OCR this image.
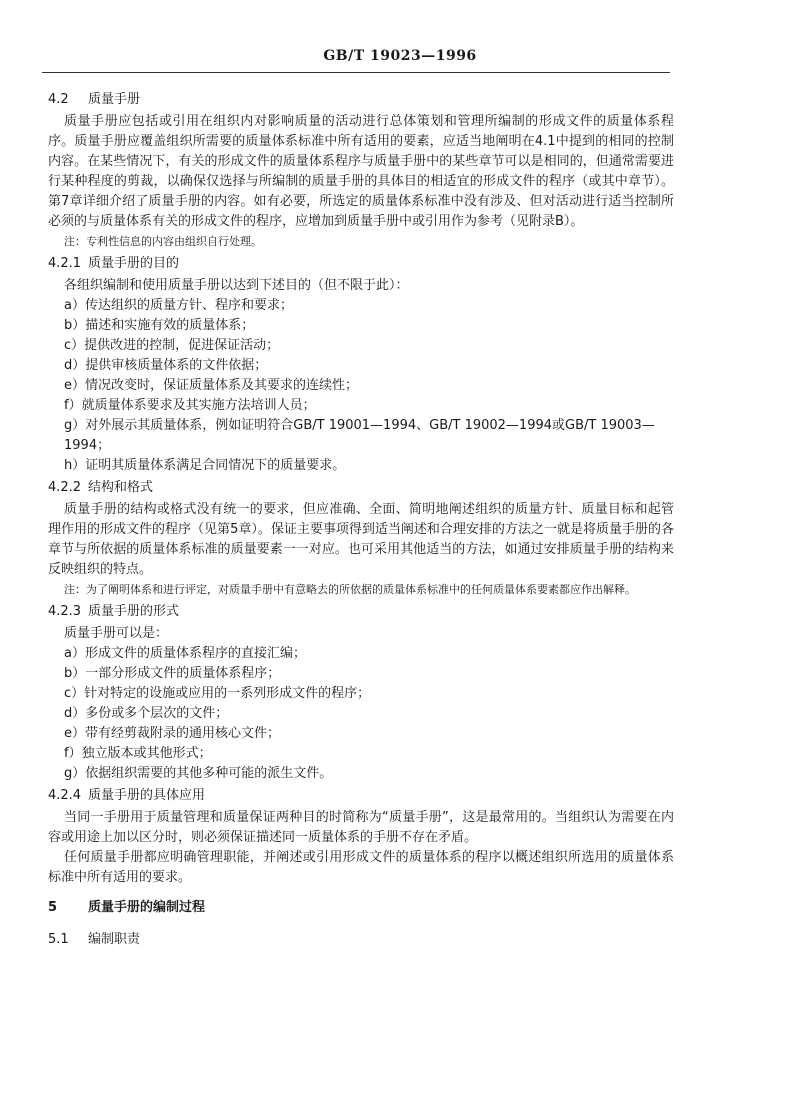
GB/T 19023—1996
4.2 质量手册

质量手册应包括或引用在组织内对影响质量的活动进行总体策划和管理所编制的形成文件的质量体系程序。质量手册应覆盖组织所需要的质量体系标准中所有适用的要素，应适当地阐明在4.1中提到的相同的控制内容。在某些情况下，有关的形成文件的质量体系程序与质量手册中的某些章节可以是相同的，但通常需要进行某种程度的剪裁，以确保仅选择与所编制的质量手册的具体目的相适宜的形成文件的程序（或其中章节）。第7章详细介绍了质量手册的内容。如有必要，所选定的质量体系标准中没有涉及、但对活动进行适当控制所必须的与质量体系有关的形成文件的程序，应增加到质量手册中或引用作为参考（见附录B）。

注：专利性信息的内容由组织自行处理。

4.2.1 质量手册的目的

各组织编制和使用质量手册以达到下述目的（但不限于此）：

a）传达组织的质量方针、程序和要求；

b）描述和实施有效的质量体系；

c）提供改进的控制，促进保证活动；

d）提供审核质量体系的文件依据；

e）情况改变时，保证质量体系及其要求的连续性；

f）就质量体系要求及其实施方法培训人员；

g）对外展示其质量体系，例如证明符合GB/T 19001—1994、GB/T 19002—1994或GB/T 19003—1994；

h）证明其质量体系满足合同情况下的质量要求。

4.2.2 结构和格式

质量手册的结构或格式没有统一的要求，但应准确、全面、简明地阐述组织的质量方针、质量目标和起管理作用的形成文件的程序（见第5章）。保证主要事项得到适当阐述和合理安排的方法之一就是将质量手册的各章节与所依据的质量体系标准的质量要素一一对应。也可采用其他适当的方法，如通过安排质量手册的结构来反映组织的特点。

注：为了阐明体系和进行评定，对质量手册中有意略去的所依据的质量体系标准中的任何质量体系要素都应作出解释。

4.2.3 质量手册的形式

质量手册可以是：

a）形成文件的质量体系程序的直接汇编；

b）一部分形成文件的质量体系程序；

c）针对特定的设施或应用的一系列形成文件的程序；

d）多份或多个层次的文件；

e）带有经剪裁附录的通用核心文件；

f）独立版本或其他形式；

g）依据组织需要的其他多种可能的派生文件。

4.2.4 质量手册的具体应用

当同一手册用于质量管理和质量保证两种目的时简称为“质量手册”，这是最常用的。当组织认为需要在内容或用途上加以区分时，则必须保证描述同一质量体系的手册不存在矛盾。

任何质量手册都应明确管理职能，并阐述或引用形成文件的质量体系的程序以概述组织所选用的质量体系标准中所有适用的要求。

5 质量手册的编制过程
5.1 编制职责
